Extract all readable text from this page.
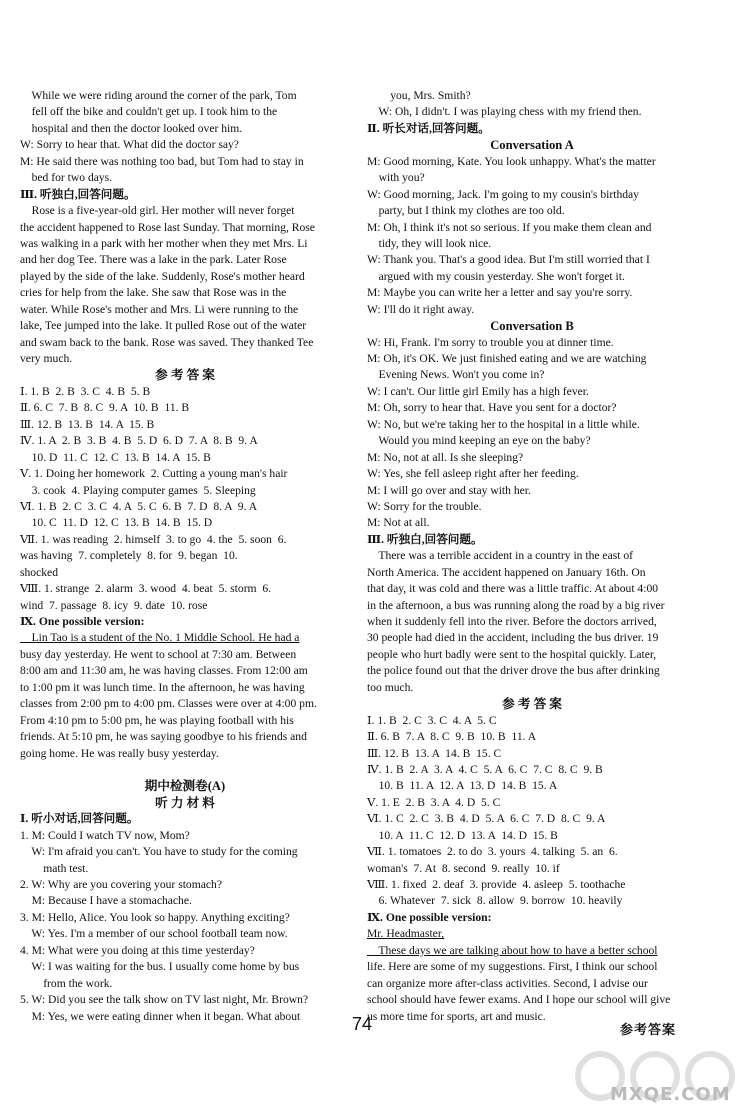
While we were riding around the corner of the park, Tom
fell off the bike and couldn't get up. I took him to the
hospital and then the doctor looked over him.
W: Sorry to hear that. What did the doctor say?
M: He said there was nothing too bad, but Tom had to stay in
bed for two days.
Ⅲ. 听独白,回答问题。
Rose is a five-year-old girl. Her mother will never forget
the accident happened to Rose last Sunday. That morning, Rose
was walking in a park with her mother when they met Mrs. Li
and her dog Tee. There was a lake in the park. Later Rose
played by the side of the lake. Suddenly, Rose's mother heard
cries for help from the lake. She saw that Rose was in the
water. While Rose's mother and Mrs. Li were running to the
lake, Tee jumped into the lake. It pulled Rose out of the water
and swam back to the bank. Rose was saved. They thanked Tee
very much.
参 考 答 案
Ⅰ. 1. B  2. B  3. C  4. B  5. B
Ⅱ. 6. C  7. B  8. C  9. A  10. B  11. B
Ⅲ. 12. B  13. B  14. A  15. B
Ⅳ. 1. A  2. B  3. B  4. B  5. D  6. D  7. A  8. B  9. A
10. D  11. C  12. C  13. B  14. A  15. B
Ⅴ. 1. Doing her homework  2. Cutting a young man's hair
3. cook  4. Playing computer games  5. Sleeping
Ⅵ. 1. B  2. C  3. C  4. A  5. C  6. B  7. D  8. A  9. A
10. C  11. D  12. C  13. B  14. B  15. D
Ⅶ. 1. was reading  2. himself  3. to go  4. the  5. soon  6.
was having  7. completely  8. for  9. began  10.
shocked
Ⅷ. 1. strange  2. alarm  3. wood  4. beat  5. storm  6.
wind  7. passage  8. icy  9. date  10. rose
Ⅸ. One possible version:
Lin Tao is a student of the No. 1 Middle School. He had a
busy day yesterday. He went to school at 7:30 am. Between
8:00 am and 11:30 am, he was having classes. From 12:00 am
to 1:00 pm it was lunch time. In the afternoon, he was having
classes from 2:00 pm to 4:00 pm. Classes were over at 4:00 pm.
From 4:10 pm to 5:00 pm, he was playing football with his
friends. At 5:10 pm, he was saying goodbye to his friends and
going home. He was really busy yesterday.
期中检测卷(A)
听 力 材 料
Ⅰ. 听小对话,回答问题。
1. M: Could I watch TV now, Mom?
W: I'm afraid you can't. You have to study for the coming
math test.
2. W: Why are you covering your stomach?
M: Because I have a stomachache.
3. M: Hello, Alice. You look so happy. Anything exciting?
W: Yes. I'm a member of our school football team now.
4. M: What were you doing at this time yesterday?
W: I was waiting for the bus. I usually come home by bus
from the work.
5. W: Did you see the talk show on TV last night, Mr. Brown?
M: Yes, we were eating dinner when it began. What about
you, Mrs. Smith?
W: Oh, I didn't. I was playing chess with my friend then.
Ⅱ. 听长对话,回答问题。
Conversation A
M: Good morning, Kate. You look unhappy. What's the matter
with you?
W: Good morning, Jack. I'm going to my cousin's birthday
party, but I think my clothes are too old.
M: Oh, I think it's not so serious. If you make them clean and
tidy, they will look nice.
W: Thank you. That's a good idea. But I'm still worried that I
argued with my cousin yesterday. She won't forget it.
M: Maybe you can write her a letter and say you're sorry.
W: I'll do it right away.
Conversation B
W: Hi, Frank. I'm sorry to trouble you at dinner time.
M: Oh, it's OK. We just finished eating and we are watching
Evening News. Won't you come in?
W: I can't. Our little girl Emily has a high fever.
M: Oh, sorry to hear that. Have you sent for a doctor?
W: No, but we're taking her to the hospital in a little while.
Would you mind keeping an eye on the baby?
M: No, not at all. Is she sleeping?
W: Yes, she fell asleep right after her feeding.
M: I will go over and stay with her.
W: Sorry for the trouble.
M: Not at all.
Ⅲ. 听独白,回答问题。
There was a terrible accident in a country in the east of
North America. The accident happened on January 16th. On
that day, it was cold and there was a little traffic. At about 4:00
in the afternoon, a bus was running along the road by a big river
when it suddenly fell into the river. Before the doctors arrived,
30 people had died in the accident, including the bus driver. 19
people who hurt badly were sent to the hospital quickly. Later,
the police found out that the driver drove the bus after drinking
too much.
参 考 答 案
Ⅰ. 1. B  2. C  3. C  4. A  5. C
Ⅱ. 6. B  7. A  8. C  9. B  10. B  11. A
Ⅲ. 12. B  13. A  14. B  15. C
Ⅳ. 1. B  2. A  3. A  4. C  5. A  6. C  7. C  8. C  9. B
10. B  11. A  12. A  13. D  14. B  15. A
Ⅴ. 1. E  2. B  3. A  4. D  5. C
Ⅵ. 1. C  2. C  3. B  4. D  5. A  6. C  7. D  8. C  9. A
10. A  11. C  12. D  13. A  14. D  15. B
Ⅶ. 1. tomatoes  2. to do  3. yours  4. talking  5. an  6.
woman's  7. At  8. second  9. really  10. if
Ⅷ. 1. fixed  2. deaf  3. provide  4. asleep  5. toothache
6. Whatever  7. sick  8. allow  9. borrow  10. heavily
Ⅸ. One possible version:
Mr. Headmaster,
These days we are talking about how to have a better school
life. Here are some of my suggestions. First, I think our school
can organize more after-class activities. Second, I advise our
school should have fewer exams. And I hope our school will give
us more time for sports, art and music.
74	参考答案
MXQE.COM
